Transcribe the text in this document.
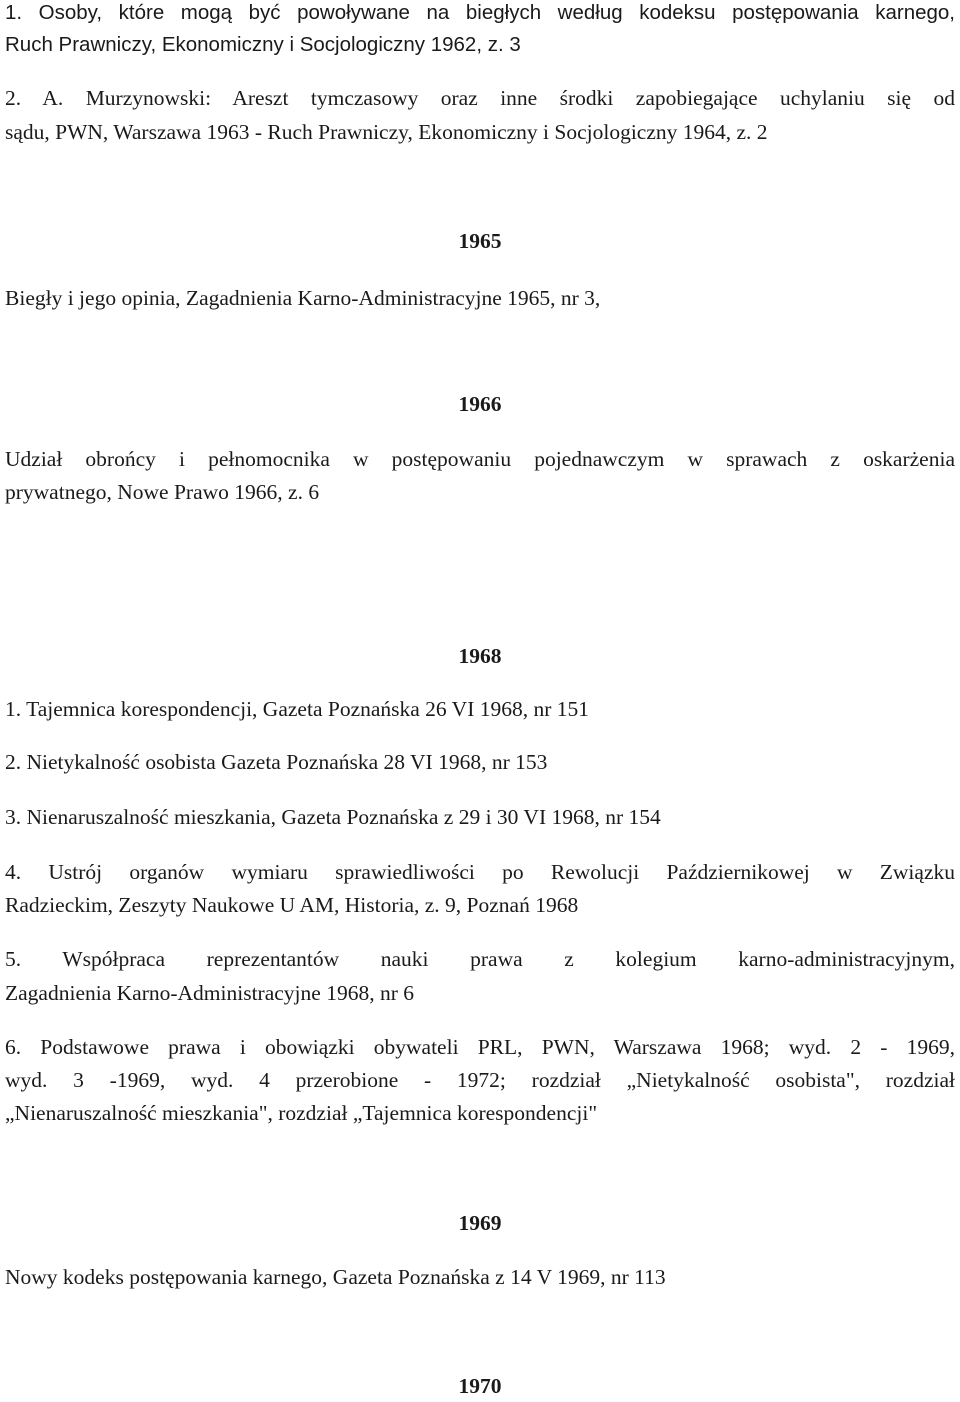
1. Osoby, które mogą być powoływane na biegłych według kodeksu postępowania karnego,
Ruch Prawniczy, Ekonomiczny i Socjologiczny 1962, z. 3
2. A. Murzynowski: Areszt tymczasowy oraz inne środki zapobiegające uchylaniu się od
sądu, PWN, Warszawa 1963 - Ruch Prawniczy, Ekonomiczny i Socjologiczny 1964, z. 2
1965
Biegły i jego opinia, Zagadnienia Karno-Administracyjne 1965, nr 3,
1966
Udział obrońcy i pełnomocnika w postępowaniu pojednawczym w sprawach z oskarżenia
prywatnego, Nowe Prawo 1966, z. 6
1968
1. Tajemnica korespondencji, Gazeta Poznańska 26 VI 1968, nr 151
2. Nietykalność osobista Gazeta Poznańska 28 VI 1968, nr 153
3. Nienaruszalność mieszkania, Gazeta Poznańska z 29 i 30 VI 1968, nr 154
4. Ustrój organów wymiaru sprawiedliwości po Rewolucji Październikowej w Związku
Radzieckim, Zeszyty Naukowe U AM, Historia, z. 9, Poznań 1968
5. Współpraca reprezentantów nauki prawa z kolegium karno-administracyjnym,
Zagadnienia Karno-Administracyjne 1968, nr 6
6. Podstawowe prawa i obowiązki obywateli PRL, PWN, Warszawa 1968; wyd. 2 - 1969,
wyd. 3 -1969, wyd. 4 przerobione - 1972; rozdział „Nietykalność osobista", rozdział
„Nienaruszalność mieszkania", rozdział „Tajemnica korespondencji"
1969
Nowy kodeks postępowania karnego, Gazeta Poznańska z 14 V 1969, nr 113
1970
